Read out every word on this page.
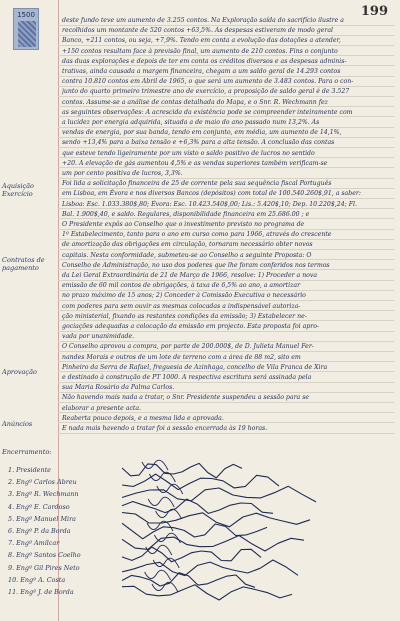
1500	199
Aquisição Exercício
Contratos de pagamento
Aprovação
Anúncios
Encerramento:
deste fundo teve um aumento de 3.255 contos. Na Exploração saída do sacrifício ilustre a
recolhidos um montante de 520 contos +63,5%. As despesas estiveram de modo geral
Banco, +211 contos, ou seja, +7,9%. Tendo em conta a evolução das dotações a atender,
+150 contos resultam face à previsão final, um aumento de 210 contos. Fins o conjunto
das duas explorações e depois de ter em conta os créditos diversos e as despesas adminis-
trativas, ainda causada a margem financeira, chegam a um saldo geral de 14.293 contos
contra 10.810 contos em Abril de 1965, o que será um aumento de 3.483 contos. Para o con-
junto do quarto primeiro trimestre ano de exercício, a proposição de saldo geral é de 3.527
contos. Assume-se a análise de contas detalhada do Mapa, e o Snr. R. Wechmann fez
as seguintes observações: A acrescida da existência pode se compreender inteiramente com
a lucidez por energia adquirida, situada a de maio do ano passado num 13,2%. As
vendas de energia, por sua banda, tendo em conjunto, em média, um aumento de 14,1%,
sendo +13,4% para a baixa tensão e +6,3% para a alta tensão. A conclusão das contas
que esteve tendo ligeiramente por um visto o saldo positivo de lucros no sentido
+20. A elevação de gás aumentou 4,5% e as vendas superiores também verificam-se
um por cento positiva de lucros, 3,3%.
Foi lida a solicitação financeira de 25 de corrente pela sua sequência fiscal Português
em Lisboa, em Évora e nos diversos Bancos (depósitos) com total de 100.540.260$,91, a saber:
Lisboa: Esc. 1.033.380$,80; Évora: Esc. 10.423.540$,00; Lis.: 5.420$,10; Dep. 10.220$,24; Fl.
Bal. 1.900$,40, e saldo. Regulares, disponibilidade financeira em 25.686.00 ; e
O Presidente expôs ao Conselho que o investimento previsto no programa de
1º Estabelecimento, tanto para o ano em curso como para 1966, através do crescente
de amortização das obrigações em circulação, tornaram necessário obter novos
capitais. Nesta conformidade, submeteu-se ao Conselho a seguinte Proposta: O
Conselho de Administração, no uso dos poderes que lhe foram conferidos nos termos
da Lei Geral Extraordinária de 21 de Março de 1966, resolve: 1) Proceder a nova
emissão de 60 mil contos de obrigações, à taxa de 6,5% ao ano, a amortizar
no prazo máximo de 15 anos; 2) Conceder à Comissão Executiva o necessário
com poderes para sem ouvir as mesmas colocadas a indispensável autoriza-
ção ministerial, fixando as restantes condições da emissão; 3) Estabelecer ne-
gociações adequadas a colocação da emissão em projecto. Esta proposta foi apro-
vada por unanimidade.
O Conselho aprovou a compra, por parte de 200.000$, de D. Julieta Manuel Fer-
nandes Morais e outros de um lote de terreno com a área de 88 m2, sito em
Pinheiro da Serra de Rafael, freguesia de Azinhaga, concelho de Vila Franca de Xira
e destinado à construção de PT 1000. A respectiva escritura será assinada pela
sua Maria Rosário da Palma Carlos.
Não havendo mais nada a tratar, o Snr. Presidente suspendeu a sessão para se
elaborar a presente acta.
Reaberta pouco depois, e a mesma lida e aprovada.
E nada mais havendo a tratar foi a sessão encerrada às 19 horas.
1. Presidente
2. Engº Carlos Abreu
3. Engº R. Wechmann
4. Engº E. Cardoso
5. Engº Manuel Mira
6. Engº P. da Borda
7. Engº Amílcar
8. Engº Santos Coelho
9. Engº Gil Pires Neto
10. Engº A. Costa
11. Engº J. de Borda
